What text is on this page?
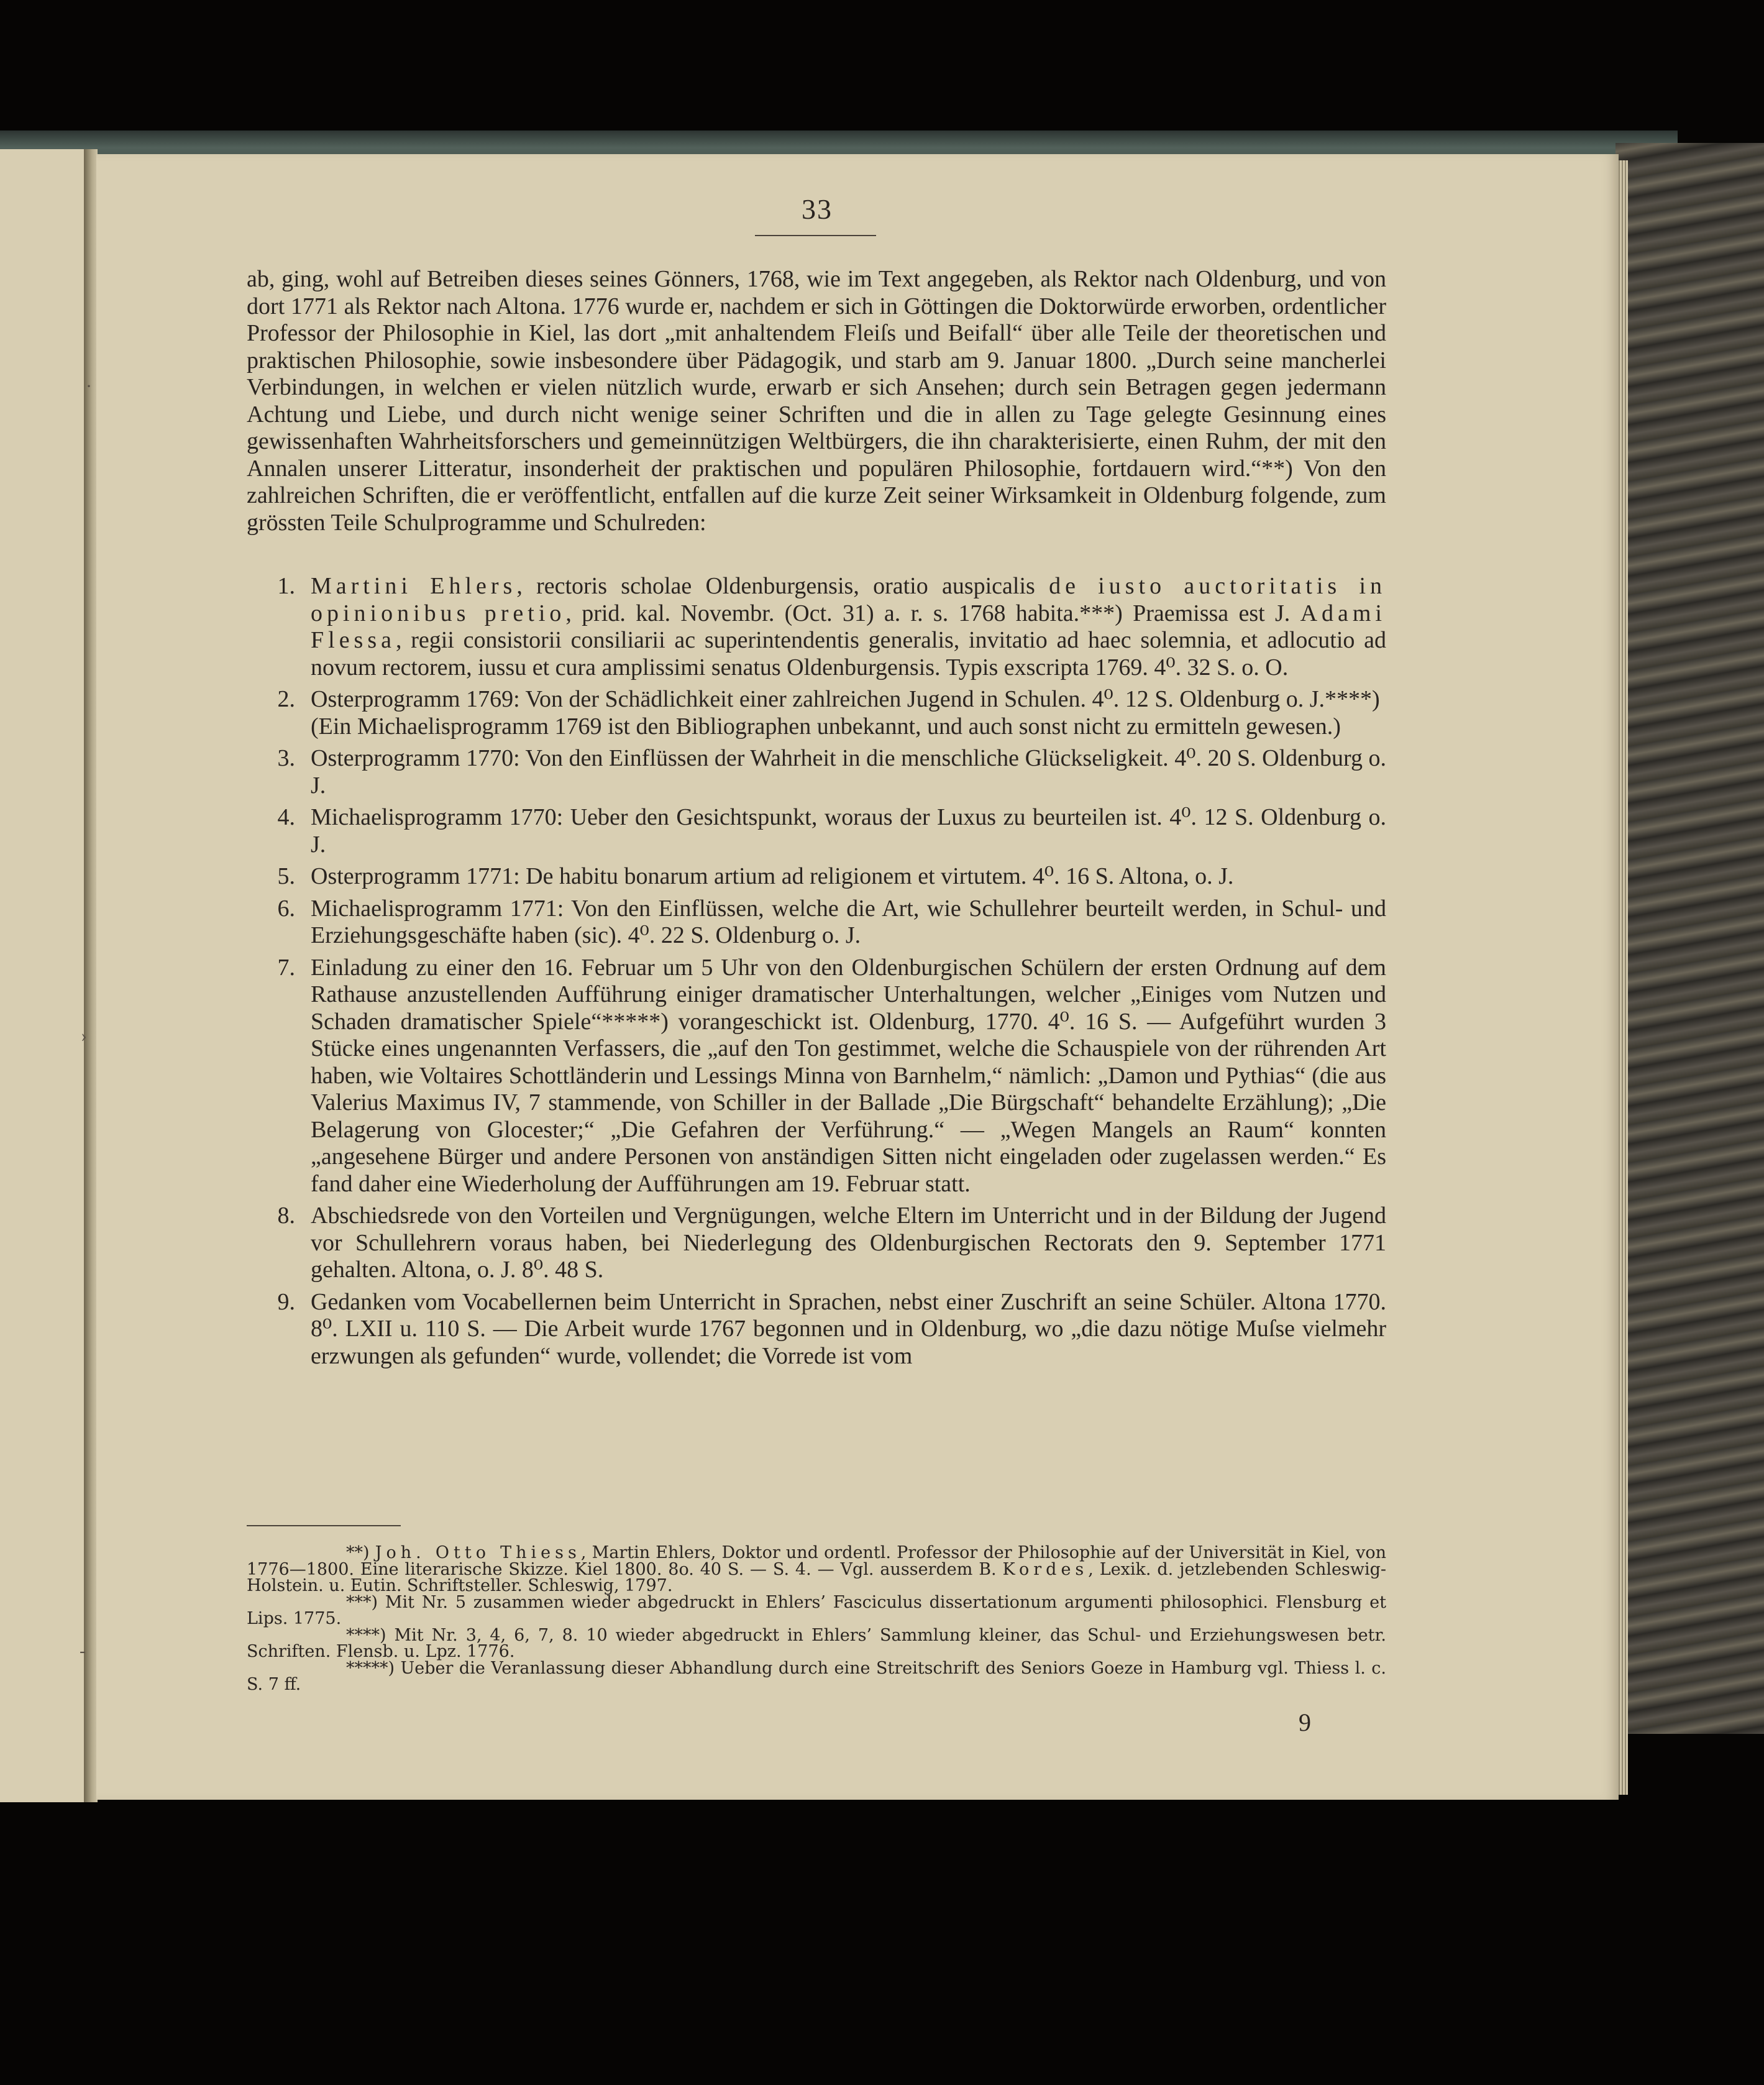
·
›
‐
33

ab, ging, wohl auf Betreiben dieses seines Gönners, 1768, wie im Text angegeben, als Rektor nach Oldenburg, und von dort 1771 als Rektor nach Altona. 1776 wurde er, nachdem er sich in Göttingen die Doktorwürde erworben, ordentlicher Professor der Philosophie in Kiel, las dort „mit anhaltendem Fleiſs und Beifall“ über alle Teile der theoretischen und praktischen Philosophie, sowie insbesondere über Pädagogik, und starb am 9. Januar 1800. „Durch seine mancherlei Verbindungen, in welchen er vielen nützlich wurde, erwarb er sich Ansehen; durch sein Betragen gegen jedermann Achtung und Liebe, und durch nicht wenige seiner Schriften und die in allen zu Tage gelegte Gesinnung eines gewissenhaften Wahrheitsforschers und gemeinnützigen Weltbürgers, die ihn charakterisierte, einen Ruhm, der mit den Annalen unserer Litteratur, insonderheit der praktischen und populären Philosophie, fortdauern wird.“**) Von den zahlreichen Schriften, die er veröffentlicht, entfallen auf die kurze Zeit seiner Wirksamkeit in Oldenburg folgende, zum grössten Teile Schulprogramme und Schulreden:

1. Martini Ehlers, rectoris scholae Oldenburgensis, oratio auspicalis de iusto auctoritatis in opinionibus pretio, prid. kal. Novembr. (Oct. 31) a. r. s. 1768 habita.***) Praemissa est J. Adami Flessa, regii consistorii consiliarii ac superintendentis generalis, invitatio ad haec solemnia, et adlocutio ad novum rectorem, iussu et cura amplissimi senatus Oldenburgensis. Typis exscripta 1769. 4⁰. 32 S. o. O.
2. Osterprogramm 1769: Von der Schädlichkeit einer zahlreichen Jugend in Schulen. 4⁰. 12 S. Oldenburg o. J.****)
(Ein Michaelisprogramm 1769 ist den Bibliographen unbekannt, und auch sonst nicht zu ermitteln gewesen.)
3. Osterprogramm 1770: Von den Einflüssen der Wahrheit in die menschliche Glückseligkeit. 4⁰. 20 S. Oldenburg o. J.
4. Michaelisprogramm 1770: Ueber den Gesichtspunkt, woraus der Luxus zu beurteilen ist. 4⁰. 12 S. Oldenburg o. J.
5. Osterprogramm 1771: De habitu bonarum artium ad religionem et virtutem. 4⁰. 16 S. Altona, o. J.
6. Michaelisprogramm 1771: Von den Einflüssen, welche die Art, wie Schullehrer beurteilt werden, in Schul- und Erziehungsgeschäfte haben (sic). 4⁰. 22 S. Oldenburg o. J.
7. Einladung zu einer den 16. Februar um 5 Uhr von den Oldenburgischen Schülern der ersten Ordnung auf dem Rathause anzustellenden Aufführung einiger dramatischer Unterhaltungen, welcher „Einiges vom Nutzen und Schaden dramatischer Spiele“*****) vorangeschickt ist. Oldenburg, 1770. 4⁰. 16 S. — Aufgeführt wurden 3 Stücke eines ungenannten Verfassers, die „auf den Ton gestimmet, welche die Schauspiele von der rührenden Art haben, wie Voltaires Schottländerin und Lessings Minna von Barnhelm,“ nämlich: „Damon und Pythias“ (die aus Valerius Maximus IV, 7 stammende, von Schiller in der Ballade „Die Bürgschaft“ behandelte Erzählung); „Die Belagerung von Glocester;“ „Die Gefahren der Verführung.“ — „Wegen Mangels an Raum“ konnten „angesehene Bürger und andere Personen von anständigen Sitten nicht eingeladen oder zugelassen werden.“ Es fand daher eine Wiederholung der Aufführungen am 19. Februar statt.
8. Abschiedsrede von den Vorteilen und Vergnügungen, welche Eltern im Unterricht und in der Bildung der Jugend vor Schullehrern voraus haben, bei Niederlegung des Oldenburgischen Rectorats den 9. September 1771 gehalten. Altona, o. J. 8⁰. 48 S.
9. Gedanken vom Vocabellernen beim Unterricht in Sprachen, nebst einer Zuschrift an seine Schüler. Altona 1770. 8⁰. LXII u. 110 S. — Die Arbeit wurde 1767 begonnen und in Oldenburg, wo „die dazu nötige Muſse vielmehr erzwungen als gefunden“ wurde, vollendet; die Vorrede ist vom

**) Joh. Otto Thiess, Martin Ehlers, Doktor und ordentl. Professor der Philosophie auf der Universität in Kiel, von 1776—1800. Eine literarische Skizze. Kiel 1800. 8o. 40 S. — S. 4. — Vgl. ausserdem B. Kordes, Lexik. d. jetzlebenden Schleswig-Holstein. u. Eutin. Schriftsteller. Schleswig, 1797.

***) Mit Nr. 5 zusammen wieder abgedruckt in Ehlers’ Fasciculus dissertationum argumenti philosophici. Flensburg et Lips. 1775.

****) Mit Nr. 3, 4, 6, 7, 8. 10 wieder abgedruckt in Ehlers’ Sammlung kleiner, das Schul- und Erziehungswesen betr. Schriften. Flensb. u. Lpz. 1776.

*****) Ueber die Veranlassung dieser Abhandlung durch eine Streitschrift des Seniors Goeze in Hamburg vgl. Thiess l. c. S. 7 ff.

9
